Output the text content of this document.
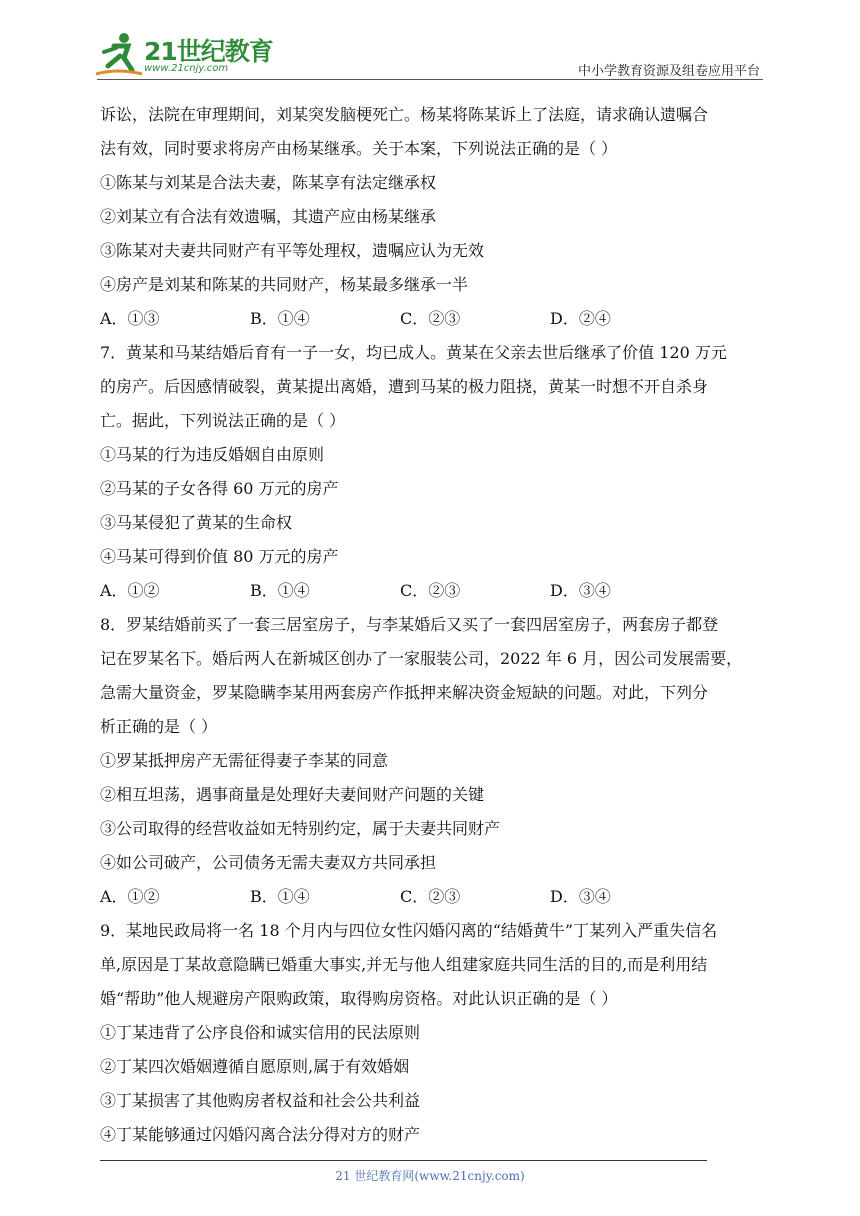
21世纪教育
www.21cnjy.com	中小学教育资源及组卷应用平台
诉讼，法院在审理期间，刘某突发脑梗死亡。杨某将陈某诉上了法庭，请求确认遗嘱合
法有效，同时要求将房产由杨某继承。关于本案，下列说法正确的是（ ）
①陈某与刘某是合法夫妻，陈某享有法定继承权
②刘某立有合法有效遗嘱，其遗产应由杨某继承
③陈某对夫妻共同财产有平等处理权，遗嘱应认为无效
④房产是刘某和陈某的共同财产，杨某最多继承一半
A．①③	B．①④	C．②③	D．②④
7．黄某和马某结婚后育有一子一女，均已成人。黄某在父亲去世后继承了价值 120 万元
的房产。后因感情破裂，黄某提出离婚，遭到马某的极力阻挠，黄某一时想不开自杀身
亡。据此，下列说法正确的是（ ）
①马某的行为违反婚姻自由原则
②马某的子女各得 60 万元的房产
③马某侵犯了黄某的生命权
④马某可得到价值 80 万元的房产
A．①②	B．①④	C．②③	D．③④
8．罗某结婚前买了一套三居室房子，与李某婚后又买了一套四居室房子，两套房子都登
记在罗某名下。婚后两人在新城区创办了一家服装公司，2022 年 6 月，因公司发展需要，
急需大量资金，罗某隐瞒李某用两套房产作抵押来解决资金短缺的问题。对此，下列分
析正确的是（ ）
①罗某抵押房产无需征得妻子李某的同意
②相互坦荡，遇事商量是处理好夫妻间财产问题的关键
③公司取得的经营收益如无特别约定，属于夫妻共同财产
④如公司破产，公司债务无需夫妻双方共同承担
A．①②	B．①④	C．②③	D．③④
9．某地民政局将一名 18 个月内与四位女性闪婚闪离的“结婚黄牛”丁某列入严重失信名
单,原因是丁某故意隐瞒已婚重大事实,并无与他人组建家庭共同生活的目的,而是利用结
婚“帮助”他人规避房产限购政策，取得购房资格。对此认识正确的是（ ）
①丁某违背了公序良俗和诚实信用的民法原则
②丁某四次婚姻遵循自愿原则,属于有效婚姻
③丁某损害了其他购房者权益和社会公共利益
④丁某能够通过闪婚闪离合法分得对方的财产
21 世纪教育网(www.21cnjy.com)
